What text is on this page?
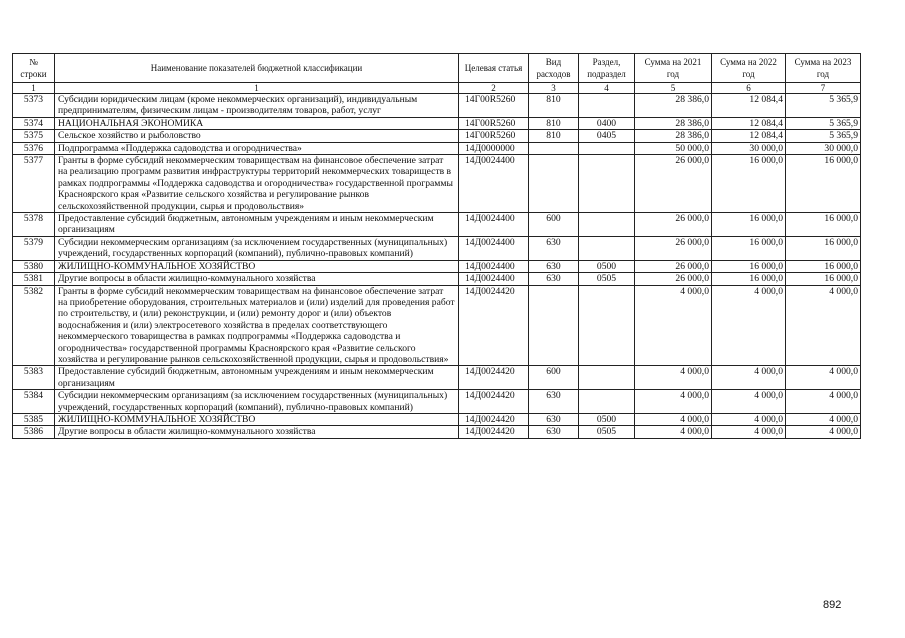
№ строки	Наименование показателей бюджетной классификации	Целевая статья	Вид расходов	Раздел, подраздел	Сумма на 2021 год	Сумма на 2022 год	Сумма на 2023 год
1	1	2	3	4	5	6	7
5373	Субсидии юридическим лицам (кроме некоммерческих организаций), индивидуальным предпринимателям, физическим лицам - производителям товаров, работ, услуг	14Г00R5260	810		28 386,0	12 084,4	5 365,9
5374	НАЦИОНАЛЬНАЯ ЭКОНОМИКА	14Г00R5260	810	0400	28 386,0	12 084,4	5 365,9
5375	Сельское хозяйство и рыболовство	14Г00R5260	810	0405	28 386,0	12 084,4	5 365,9
5376	Подпрограмма «Поддержка садоводства и огородничества»	14Д0000000			50 000,0	30 000,0	30 000,0
5377	Гранты в форме субсидий некоммерческим товариществам на финансовое обеспечение затрат на реализацию программ развития инфраструктуры территорий некоммерческих товариществ в рамках подпрограммы «Поддержка садоводства и огородничества» государственной программы Красноярского края «Развитие сельского хозяйства и регулирование рынков сельскохозяйственной продукции, сырья и продовольствия»	14Д0024400			26 000,0	16 000,0	16 000,0
5378	Предоставление субсидий бюджетным, автономным учреждениям и иным некоммерческим организациям	14Д0024400	600		26 000,0	16 000,0	16 000,0
5379	Субсидии некоммерческим организациям (за исключением государственных (муниципальных) учреждений, государственных корпораций (компаний), публично-правовых компаний)	14Д0024400	630		26 000,0	16 000,0	16 000,0
5380	ЖИЛИЩНО-КОММУНАЛЬНОЕ ХОЗЯЙСТВО	14Д0024400	630	0500	26 000,0	16 000,0	16 000,0
5381	Другие вопросы в области жилищно-коммунального хозяйства	14Д0024400	630	0505	26 000,0	16 000,0	16 000,0
5382	Гранты в форме субсидий некоммерческим товариществам на финансовое обеспечение затрат на приобретение оборудования, строительных материалов и (или) изделий для проведения работ по строительству, и (или) реконструкции, и (или) ремонту дорог и (или) объектов водоснабжения и (или) электросетевого хозяйства в пределах соответствующего некоммерческого товарищества в рамках подпрограммы «Поддержка садоводства и огородничества» государственной программы Красноярского края «Развитие сельского хозяйства и регулирование рынков сельскохозяйственной продукции, сырья и продовольствия»	14Д0024420			4 000,0	4 000,0	4 000,0
5383	Предоставление субсидий бюджетным, автономным учреждениям и иным некоммерческим организациям	14Д0024420	600		4 000,0	4 000,0	4 000,0
5384	Субсидии некоммерческим организациям (за исключением государственных (муниципальных) учреждений, государственных корпораций (компаний), публично-правовых компаний)	14Д0024420	630		4 000,0	4 000,0	4 000,0
5385	ЖИЛИЩНО-КОММУНАЛЬНОЕ ХОЗЯЙСТВО	14Д0024420	630	0500	4 000,0	4 000,0	4 000,0
5386	Другие вопросы в области жилищно-коммунального хозяйства	14Д0024420	630	0505	4 000,0	4 000,0	4 000,0
892
